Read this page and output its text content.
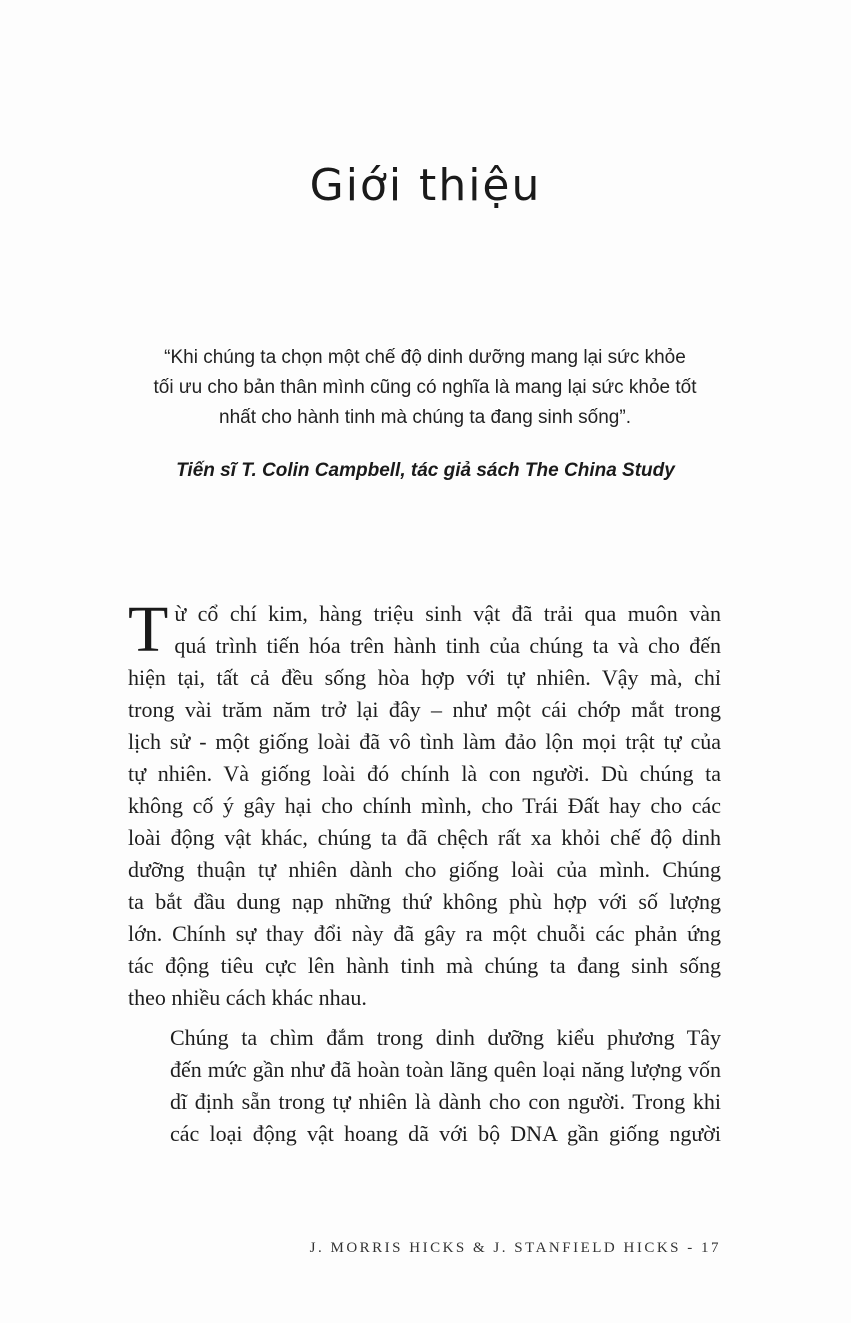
Giới thiệu
“Khi chúng ta chọn một chế độ dinh dưỡng mang lại sức khỏe
tối ưu cho bản thân mình cũng có nghĩa là mang lại sức khỏe tốt
nhất cho hành tinh mà chúng ta đang sinh sống”.
Tiến sĩ T. Colin Campbell, tác giả sách The China Study

T ừ cổ chí kim, hàng triệu sinh vật đã trải qua muôn vàn
quá trình tiến hóa trên hành tinh của chúng ta và cho đến
hiện tại, tất cả đều sống hòa hợp với tự nhiên. Vậy mà, chỉ
trong vài trăm năm trở lại đây – như một cái chớp mắt trong
lịch sử - một giống loài đã vô tình làm đảo lộn mọi trật tự của
tự nhiên. Và giống loài đó chính là con người. Dù chúng ta
không cố ý gây hại cho chính mình, cho Trái Đất hay cho các
loài động vật khác, chúng ta đã chệch rất xa khỏi chế độ dinh
dưỡng thuận tự nhiên dành cho giống loài của mình. Chúng
ta bắt đầu dung nạp những thứ không phù hợp với số lượng
lớn. Chính sự thay đổi này đã gây ra một chuỗi các phản ứng
tác động tiêu cực lên hành tinh mà chúng ta đang sinh sống
theo nhiều cách khác nhau.

Chúng ta chìm đắm trong dinh dưỡng kiểu phương Tây
đến mức gần như đã hoàn toàn lãng quên loại năng lượng vốn
dĩ định sẵn trong tự nhiên là dành cho con người. Trong khi
các loại động vật hoang dã với bộ DNA gần giống người

J. MORRIS HICKS & J. STANFIELD HICKS - 17
